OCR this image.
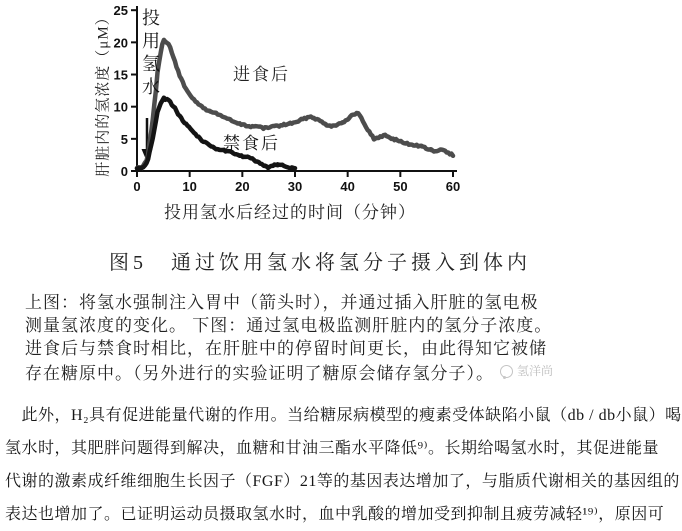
0
5
10
15
20
25
0	10	20	30	40	50	60
肝脏内的氢浓度（μM） 投用氢水	进食后
禁食后
投用氢水后经过的时间（分钟）
图5　通过饮用氢水将氢分子摄入到体内
上图：将氢水强制注入胃中（箭头时），并通过插入肝脏的氢电极
测量氢浓度的变化。 下图：通过氢电极监测肝脏内的氢分子浓度。
进食后与禁食时相比，在肝脏中的停留时间更长，由此得知它被储
存在糖原中。（另外进行的实验证明了糖原会储存氢分子）。 氢洋尚
　此外，H₂具有促进能量代谢的作用。当给糖尿病模型的瘦素受体缺陷小鼠（db / db小鼠）喝
氢水时，其肥胖问题得到解决，血糖和甘油三酯水平降低⁹⁾。长期给喝氢水时，其促进能量
代谢的激素成纤维细胞生长因子（FGF）21等的基因表达增加了，与脂质代谢相关的基因组的
表达也增加了。已证明运动员摄取氢水时，血中乳酸的增加受到抑制且疲劳减轻¹⁹⁾，原因可
